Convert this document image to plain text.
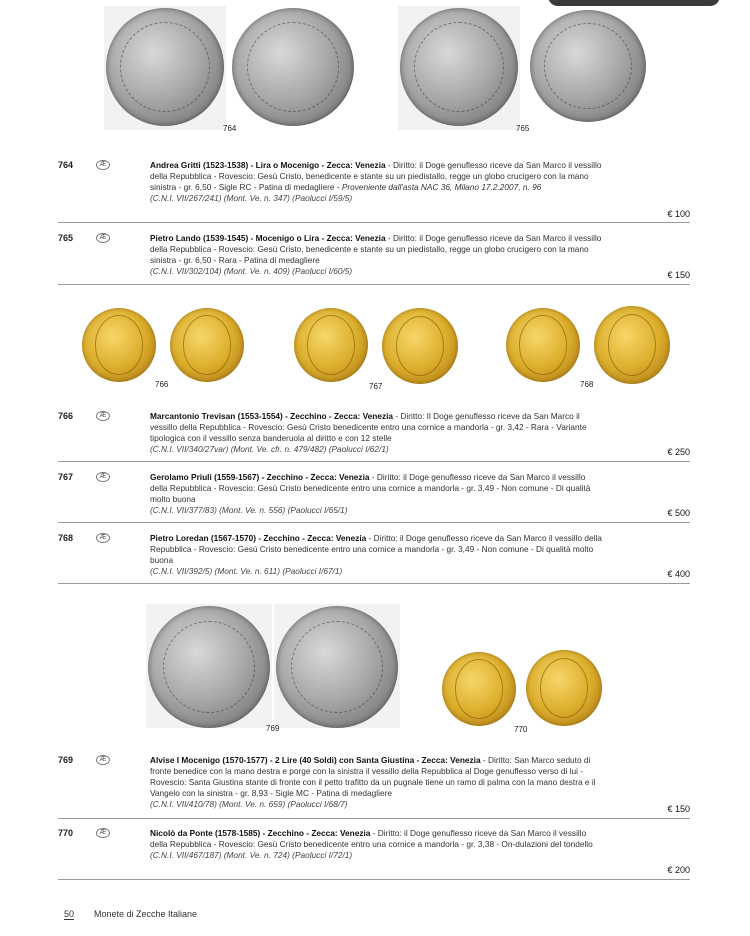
764	765
764	Æ	Andrea Gritti (1523-1538) - Lira o Mocenigo - Zecca: Venezia - Diritto: il Doge genuflesso riceve da San Marco il vessillo della Repubblica - Rovescio: Gesù Cristo, benedicente e stante su un piedistallo, regge un globo crucigero con la mano sinistra - gr. 6,50 - Sigle RC - Patina di medagliere - Proveniente dall'asta NAC 36, Milano 17.2.2007, n. 96
(C.N.I. VII/267/241) (Mont. Ve. n. 347) (Paolucci I/59/5)
€ 100
765	Æ	Pietro Lando (1539-1545) - Mocenigo o Lira - Zecca: Venezia - Diritto: il Doge genuflesso riceve da San Marco il vessillo della Repubblica - Rovescio: Gesù Cristo, benedicente e stante su un piedistallo, regge un globo crucigero con la mano sinistra - gr. 6,50 - Rara - Patina di medagliere
(C.N.I. VII/302/104) (Mont. Ve. n. 409) (Paolucci I/60/5)	€ 150
766	767	768
766	Æ	Marcantonio Trevisan (1553-1554) - Zecchino - Zecca: Venezia - Diritto: Il Doge genuflesso riceve da San Marco il vessillo della Repubblica - Rovescio: Gesù Cristo benedicente entro una cornice a mandorla - gr. 3,42 - Rara - Variante tipologica con il vessillo senza banderuola al diritto e con 12 stelle
(C.N.I. VII/340/27var) (Mont. Ve. cfr. n. 479/482) (Paolucci I/62/1)	€ 250
767	Æ	Gerolamo Priuli (1559-1567) - Zecchino - Zecca: Venezia - Diritto: il Doge genuflesso riceve da San Marco il vessillo della Repubblica - Rovescio: Gesù Cristo benedicente entro una cornice a mandorla - gr. 3,49 - Non comune - Di qualità molto buona
(C.N.I. VII/377/83) (Mont. Ve. n. 556) (Paolucci I/65/1)	€ 500
768	Æ	Pietro Loredan (1567-1570) - Zecchino - Zecca: Venezia - Diritto: il Doge genuflesso riceve da San Marco il vessillo della Repubblica - Rovescio: Gesù Cristo benedicente entro una cornice a mandorla - gr. 3,49 - Non comune - Di qualità molto buona
(C.N.I. VII/392/5) (Mont. Ve. n. 611) (Paolucci I/67/1)	€ 400
769	770
769	Æ	Alvise I Mocenigo (1570-1577) - 2 Lire (40 Soldi) con Santa Giustina - Zecca: Venezia - Diritto: San Marco seduto di fronte benedice con la mano destra e porge con la sinistra il vessillo della Repubblica al Doge genuflesso verso di lui - Rovescio: Santa Giustina stante di fronte con il petto trafitto da un pugnale tiene un ramo di palma con la mano destra e il Vangelo con la sinistra - gr. 8,93 - Sigle MC - Patina di medagliere
(C.N.I. VII/410/78) (Mont. Ve. n. 659) (Paolucci I/68/7)	€ 150
770	Æ	Nicolò da Ponte (1578-1585) - Zecchino - Zecca: Venezia - Diritto: il Doge genuflesso riceve da San Marco il vessillo della Repubblica - Rovescio: Gesù Cristo benedicente entro una cornice a mandorla - gr. 3,38 - On-dulazioni del tondello
(C.N.I. VII/467/187) (Mont. Ve. n. 724) (Paolucci I/72/1)
€ 200
50 Monete di Zecche Italiane
